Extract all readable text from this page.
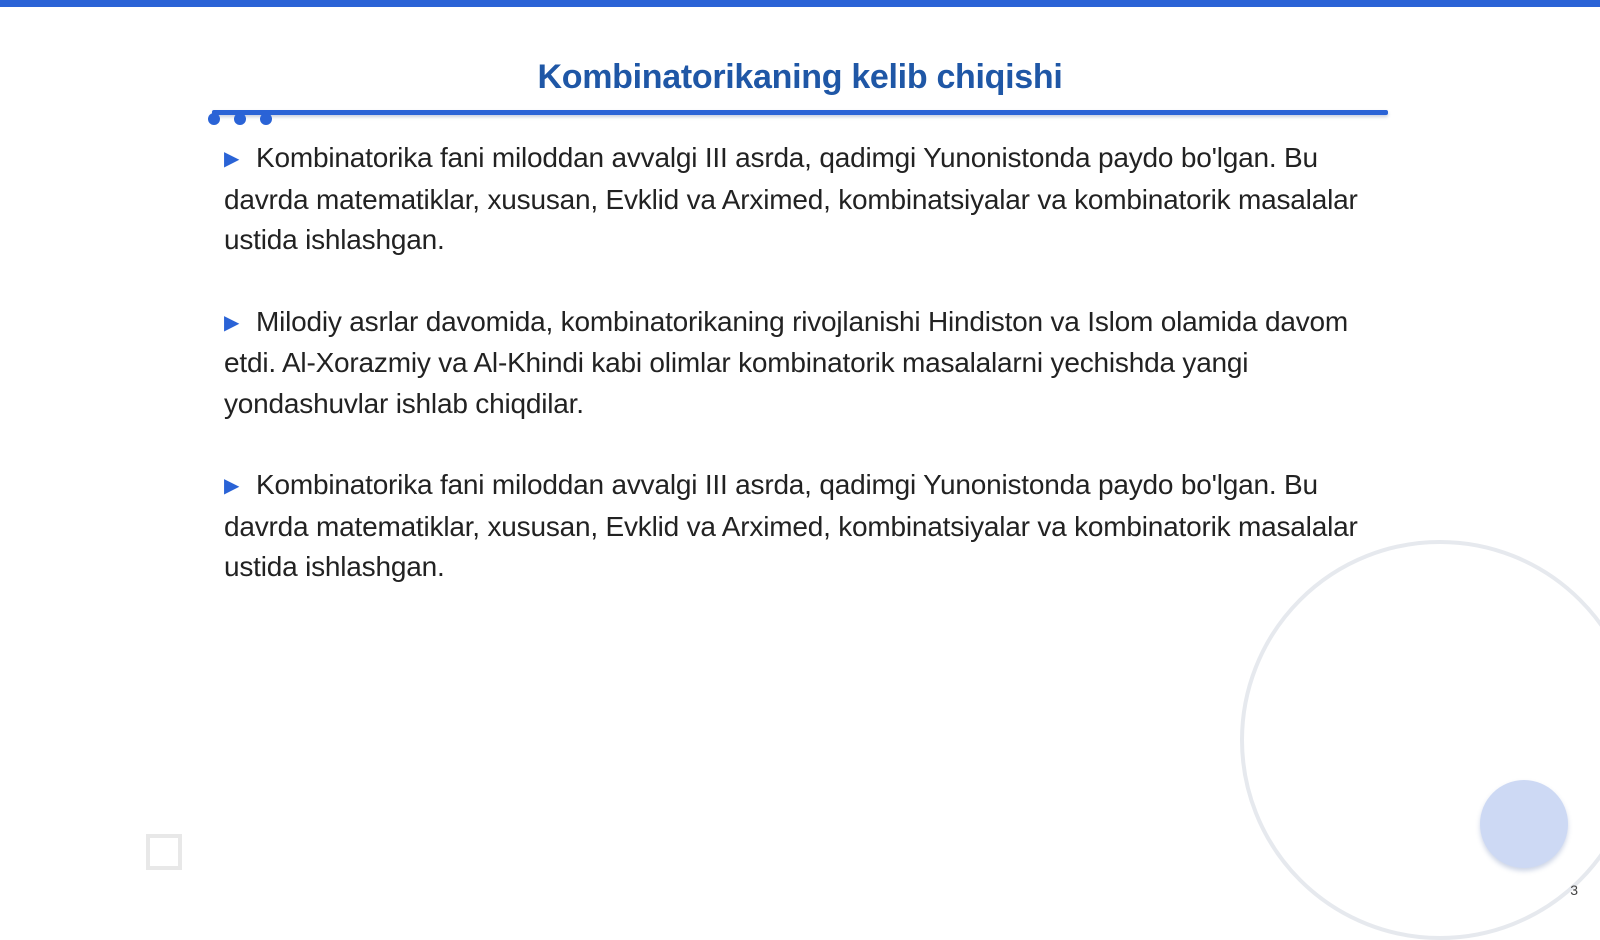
Kombinatorikaning kelib chiqishi

▶ Kombinatorika fani miloddan avvalgi III asrda, qadimgi Yunonistonda paydo bo'lgan. Bu davrda matematiklar, xususan, Evklid va Arximed, kombinatsiyalar va kombinatorik masalalar ustida ishlashgan.

▶ Milodiy asrlar davomida, kombinatorikaning rivojlanishi Hindiston va Islom olamida davom etdi. Al-Xorazmiy va Al-Khindi kabi olimlar kombinatorik masalalarni yechishda yangi yondashuvlar ishlab chiqdilar.

▶ Kombinatorika fani miloddan avvalgi III asrda, qadimgi Yunonistonda paydo bo'lgan. Bu davrda matematiklar, xususan, Evklid va Arximed, kombinatsiyalar va kombinatorik masalalar ustida ishlashgan.

3
